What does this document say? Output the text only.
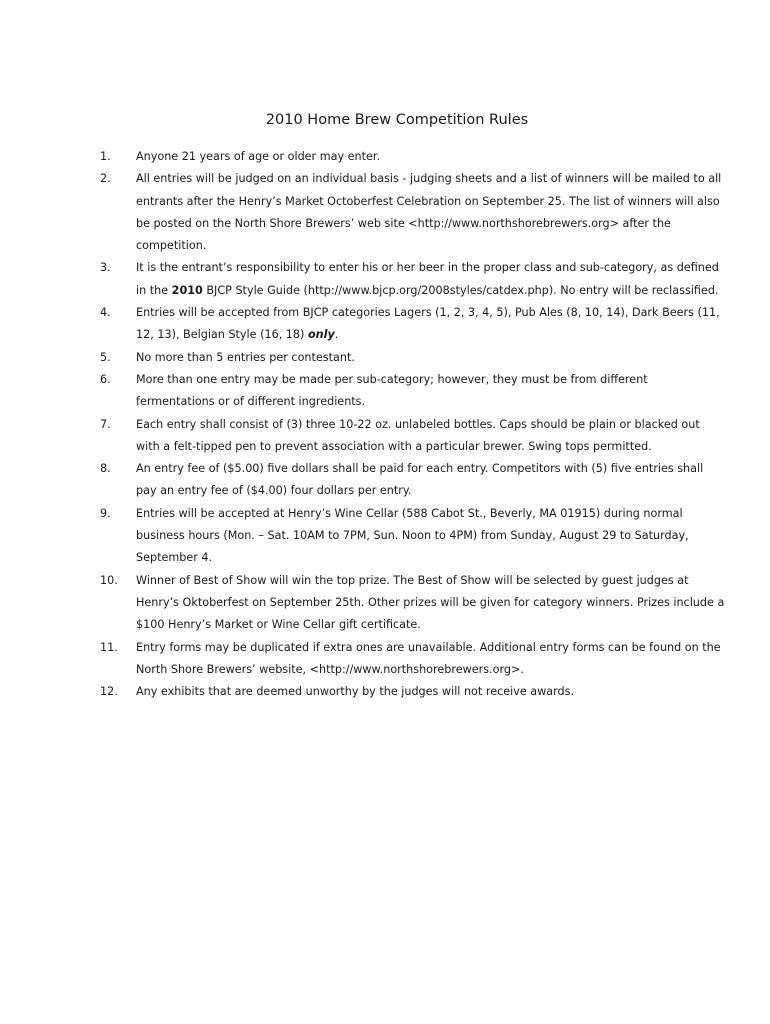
2010 Home Brew Competition Rules
1.	Anyone 21 years of age or older may enter.
2.	All entries will be judged on an individual basis - judging sheets and a list of winners will be mailed to all entrants after the Henry’s Market Octoberfest Celebration on September 25. The list of winners will also be posted on the North Shore Brewers’ web site <http://www.northshorebrewers.org> after the competition.
3.	It is the entrant’s responsibility to enter his or her beer in the proper class and sub-category, as defined in the 2010 BJCP Style Guide (http://www.bjcp.org/2008styles/catdex.php). No entry will be reclassified.
4.	Entries will be accepted from BJCP categories Lagers (1, 2, 3, 4, 5), Pub Ales (8, 10, 14), Dark Beers (11, 12, 13), Belgian Style (16, 18) only.
5.	No more than 5 entries per contestant.
6.	More than one entry may be made per sub-category; however, they must be from different fermentations or of different ingredients.
7.	Each entry shall consist of (3) three 10-22 oz. unlabeled bottles. Caps should be plain or blacked out with a felt-tipped pen to prevent association with a particular brewer. Swing tops permitted.
8.	An entry fee of ($5.00) five dollars shall be paid for each entry. Competitors with (5) five entries shall pay an entry fee of ($4.00) four dollars per entry.
9.	Entries will be accepted at Henry’s Wine Cellar (588 Cabot St., Beverly, MA 01915) during normal business hours (Mon. – Sat. 10AM to 7PM, Sun. Noon to 4PM) from Sunday, August 29 to Saturday, September 4.
10.	Winner of Best of Show will win the top prize. The Best of Show will be selected by guest judges at Henry’s Oktoberfest on September 25th. Other prizes will be given for category winners. Prizes include a $100 Henry’s Market or Wine Cellar gift certificate.
11.	Entry forms may be duplicated if extra ones are unavailable. Additional entry forms can be found on the North Shore Brewers’ website, <http://www.northshorebrewers.org>.
12.	Any exhibits that are deemed unworthy by the judges will not receive awards.
